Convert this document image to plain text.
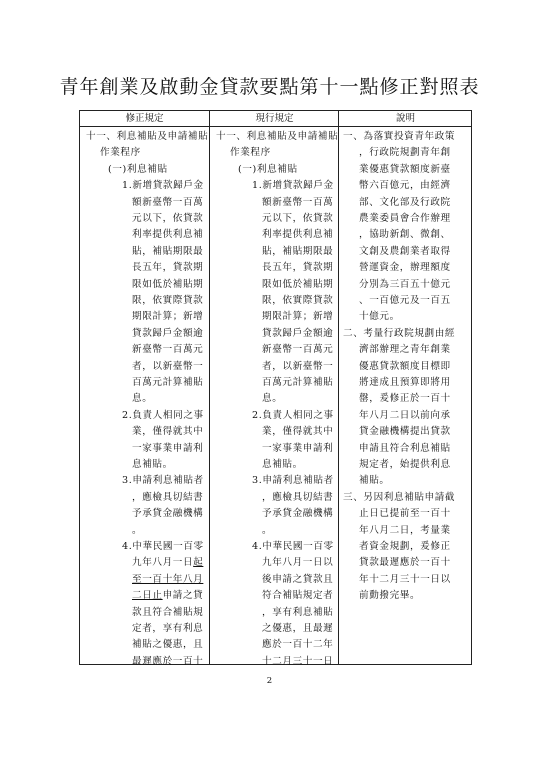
青年創業及啟動金貸款要點第十一點修正對照表
修正規定
十一、利息補貼及申請補貼
作業程序
(一)利息補貼
1.新增貸款歸戶金
額新臺幣一百萬
元以下，依貸款
利率提供利息補
貼，補貼期限最
長五年，貸款期
限如低於補貼期
限，依實際貸款
期限計算；新增
貸款歸戶金額逾
新臺幣一百萬元
者，以新臺幣一
百萬元計算補貼
息。
2.負責人相同之事
業，僅得就其中
一家事業申請利
息補貼。
3.申請利息補貼者
，應檢具切結書
予承貸金融機構
。
4.中華民國一百零
九年八月一日起
至一百十年八月
二日止申請之貸
款且符合補貼規
定者，享有利息
補貼之優惠，且
最遲應於一百十
現行規定
十一、利息補貼及申請補貼
作業程序
(一)利息補貼
1.新增貸款歸戶金
額新臺幣一百萬
元以下，依貸款
利率提供利息補
貼，補貼期限最
長五年，貸款期
限如低於補貼期
限，依實際貸款
期限計算；新增
貸款歸戶金額逾
新臺幣一百萬元
者，以新臺幣一
百萬元計算補貼
息。
2.負責人相同之事
業，僅得就其中
一家事業申請利
息補貼。
3.申請利息補貼者
，應檢具切結書
予承貸金融機構
。
4.中華民國一百零
九年八月一日以
後申請之貸款且
符合補貼規定者
，享有利息補貼
之優惠，且最遲
應於一百十二年
十二月三十一日
說明
一、為落實投資青年政策
，行政院規劃青年創
業優惠貸款額度新臺
幣六百億元，由經濟
部、文化部及行政院
農業委員會合作辦理
，協助新創、微創、
文創及農創業者取得
營運資金，辦理額度
分別為三百五十億元
、一百億元及一百五
十億元。
二、考量行政院規劃由經
濟部辦理之青年創業
優惠貸款額度目標即
將達成且預算即將用
罄，爰修正於一百十
年八月二日以前向承
貸金融機構提出貸款
申請且符合利息補貼
規定者，始提供利息
補貼。
三、另因利息補貼申請截
止日已提前至一百十
年八月二日，考量業
者資金規劃，爰修正
貸款最遲應於一百十
年十二月三十一日以
前動撥完畢。
2
